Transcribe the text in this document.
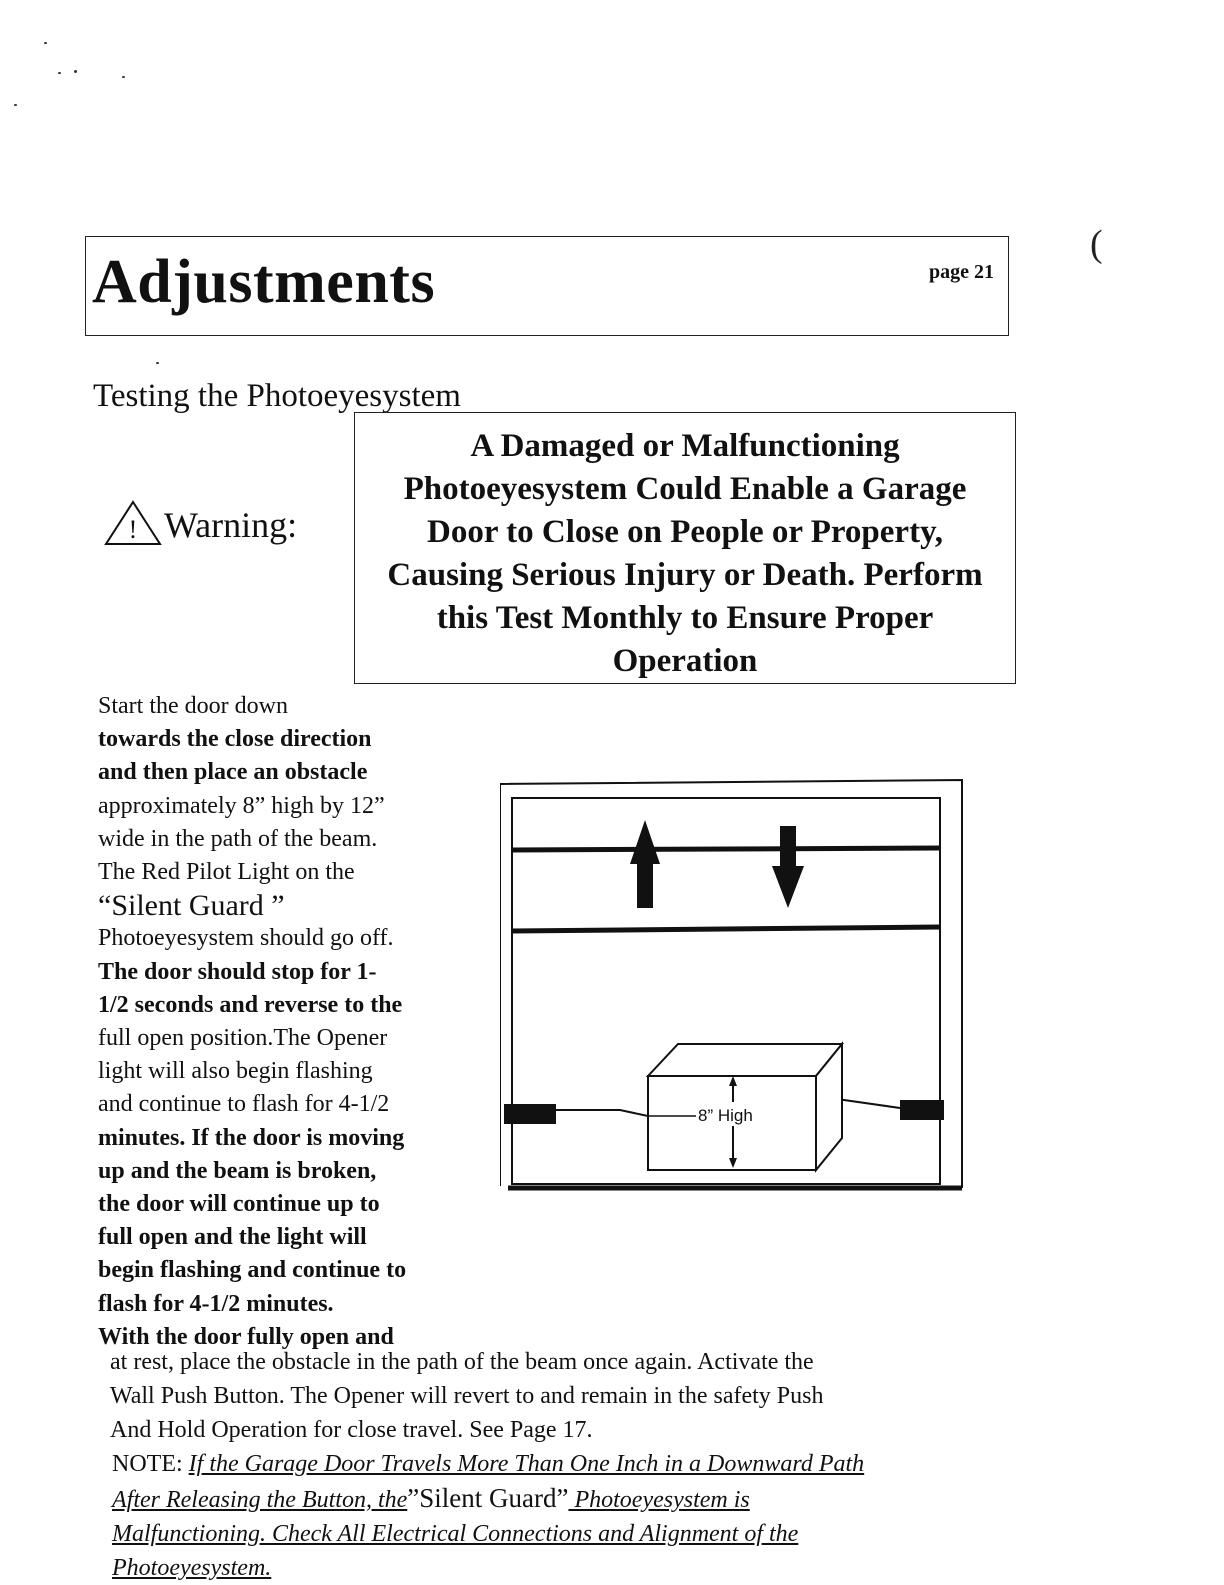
Adjustments	page 21
(
Testing the Photoeyesystem
! Warning:
A Damaged or Malfunctioning
Photoeyesystem Could Enable a Garage
Door to Close on People or Property,
Causing Serious Injury or Death. Perform
this Test Monthly to Ensure Proper
Operation
Start the door down
towards the close direction
and then place an obstacle
approximately 8” high by 12”
wide in the path of the beam.
The Red Pilot Light on the
“Silent Guard ”
Photoeyesystem should go off.
The door should stop for 1-
1/2 seconds and reverse to the
full open position.The Opener
light will also begin flashing
and continue to flash for 4-1/2
minutes. If the door is moving
up and the beam is broken,
the door will continue up to
full open and the light will
begin flashing and continue to
flash for 4-1/2 minutes.
With the door fully open and
at rest, place the obstacle in the path of the beam once again. Activate the
Wall Push Button. The Opener will revert to and remain in the safety Push
And Hold Operation for close travel. See Page 17.
NOTE: If the Garage Door Travels More Than One Inch in a Downward Path
After Releasing the Button, the”Silent Guard” Photoeyesystem is
Malfunctioning. Check All Electrical Connections and Alignment of the
Photoeyesystem.
8” High
